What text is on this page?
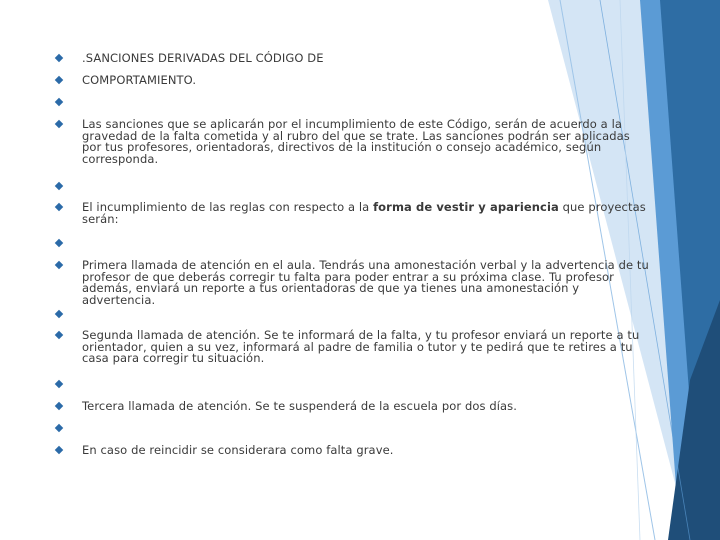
.SANCIONES DERIVADAS DEL CÓDIGO DE
COMPORTAMIENTO.
Las sanciones que se aplicarán por el incumplimiento de este Código, serán de acuerdo a la gravedad de la falta cometida y al rubro del que se trate. Las sanciones podrán ser aplicadas por tus profesores, orientadoras, directivos de la institución o consejo académico, según corresponda.
El incumplimiento de las reglas con respecto a la forma de vestir y apariencia que proyectas serán:
Primera llamada de atención en el aula. Tendrás una amonestación verbal y la advertencia de tu profesor de que deberás corregir tu falta para poder entrar a su próxima clase. Tu profesor además, enviará un reporte a tus orientadoras de que ya tienes una amonestación y advertencia.
Segunda llamada de atención. Se te informará de la falta, y tu profesor enviará un reporte a tu orientador, quien a su vez, informará al padre de familia o tutor y te pedirá que te retires a tu casa para corregir tu situación.
Tercera llamada de atención. Se te suspenderá de la escuela por dos días.
En caso de reincidir se considerara como falta grave.
